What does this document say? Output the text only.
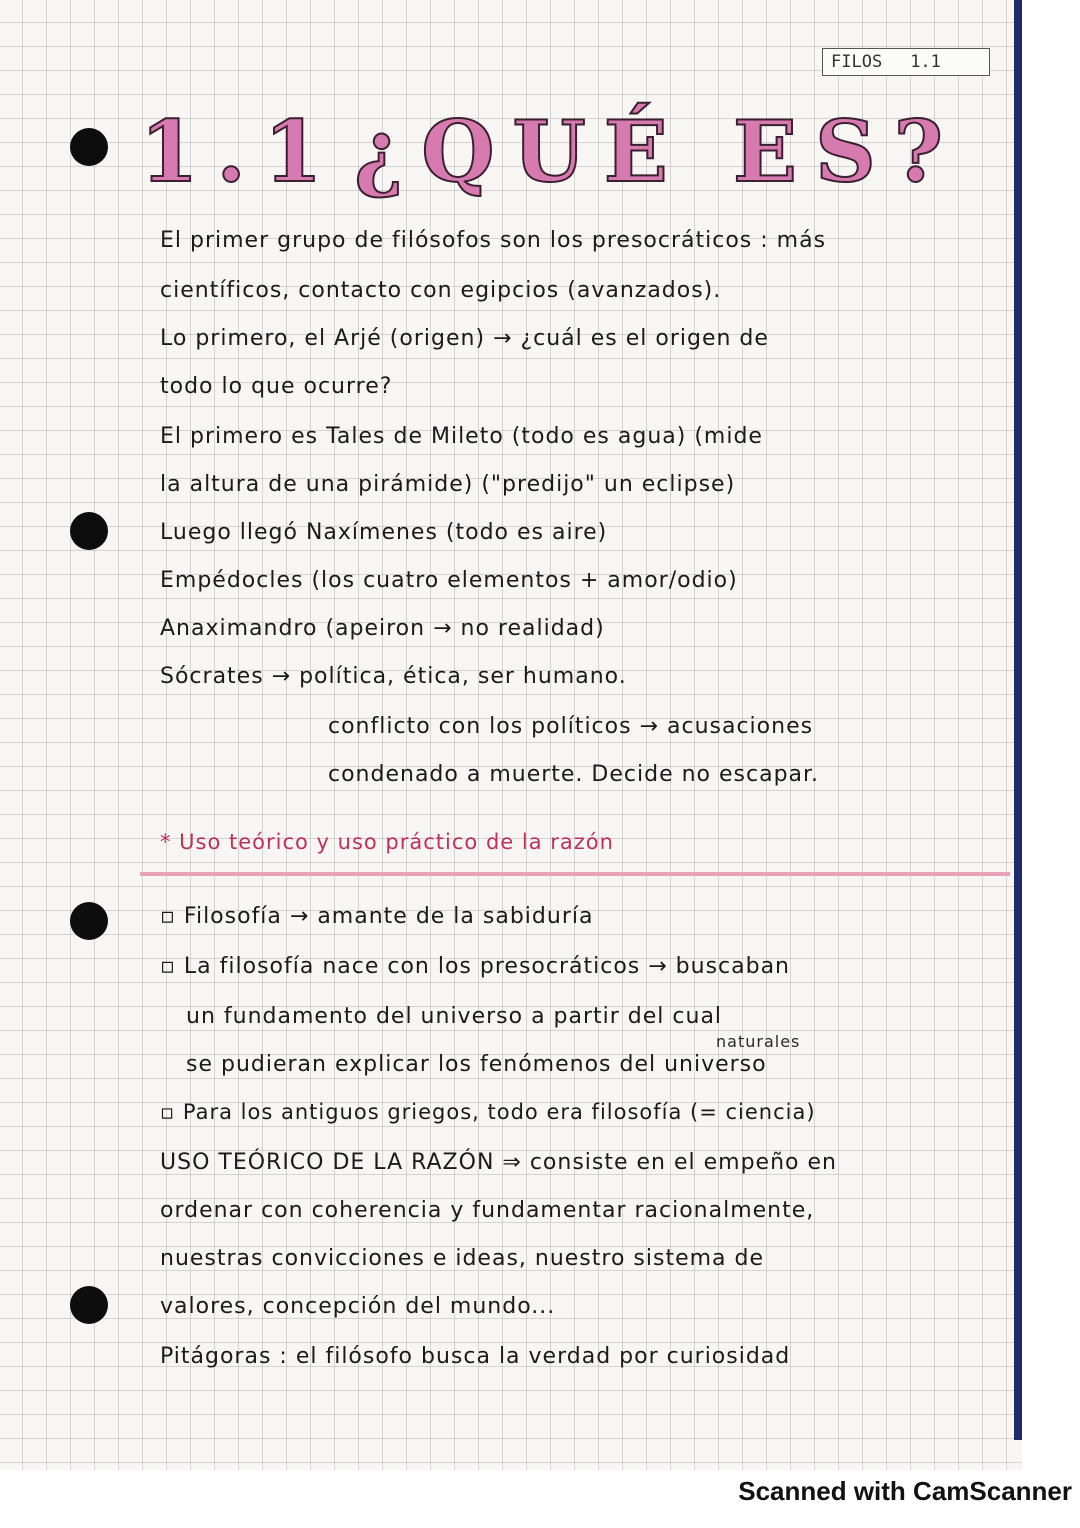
FILOS 1.1
1.1 ¿QUÉ ES?
El primer grupo de filósofos son los presocráticos : más
científicos, contacto con egipcios (avanzados).
Lo primero, el Arjé (origen) → ¿cuál es el origen de
todo lo que ocurre?
El primero es Tales de Mileto (todo es agua) (mide
la altura de una pirámide) ("predijo" un eclipse)
Luego llegó Naxímenes (todo es aire)
Empédocles (los cuatro elementos + amor/odio)
Anaximandro (apeiron → no realidad)
Sócrates → política, ética, ser humano.
conflicto con los políticos → acusaciones
condenado a muerte. Decide no escapar.
* Uso teórico y uso práctico de la razón
▫ Filosofía → amante de la sabiduría
▫ La filosofía nace con los presocráticos → buscaban
un fundamento del universo a partir del cual
naturales
se pudieran explicar los fenómenos del universo
▫ Para los antiguos griegos, todo era filosofía (= ciencia)
USO TEÓRICO DE LA RAZÓN ⇒ consiste en el empeño en
ordenar con coherencia y fundamentar racionalmente,
nuestras convicciones e ideas, nuestro sistema de
valores, concepción del mundo...
Pitágoras : el filósofo busca la verdad por curiosidad
Scanned with CamScanner
